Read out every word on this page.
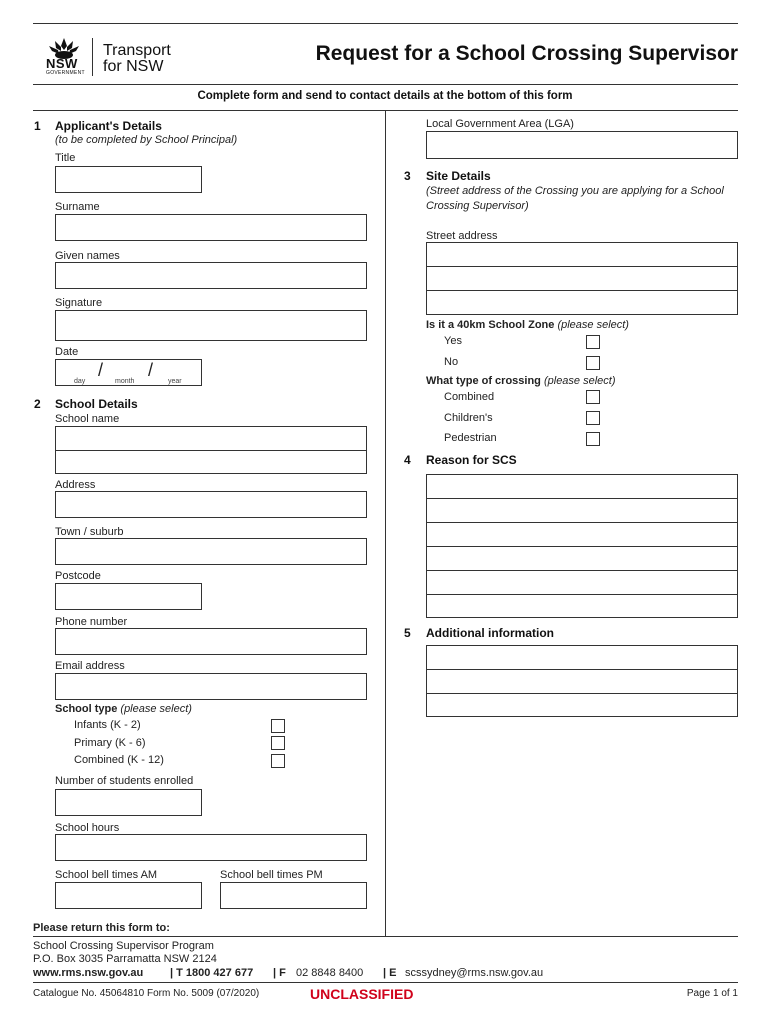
NSW
GOVERNMENT
Transport
for NSW
Request for a School Crossing Supervisor
Complete form and send to contact details at the bottom of this form
1 Applicant's Details
(to be completed by School Principal)
Title
Surname
Given names
Signature
Date
/ /
day	month	year
2 School Details
School name
Address
Town / suburb
Postcode
Phone number
Email address
School type (please select)
Infants (K - 2)
Primary (K - 6)
Combined (K - 12)
Number of students enrolled
School hours
School bell times AM	School bell times PM
Local Government Area (LGA)
3 Site Details
(Street address of the Crossing you are applying for a School Crossing Supervisor)
Street address
Is it a 40km School Zone (please select)
Yes
No
What type of crossing (please select)
Combined
Children's
Pedestrian
4 Reason for SCS
5 Additional information
Please return this form to:
School Crossing Supervisor Program
P.O. Box 3035 Parramatta NSW 2124
www.rms.nsw.gov.au | T 1800 427 677 | F 02 8848 8400 | E scssydney@rms.nsw.gov.au
Catalogue No. 45064810 Form No. 5009 (07/2020)	UNCLASSIFIED	Page 1 of 1
